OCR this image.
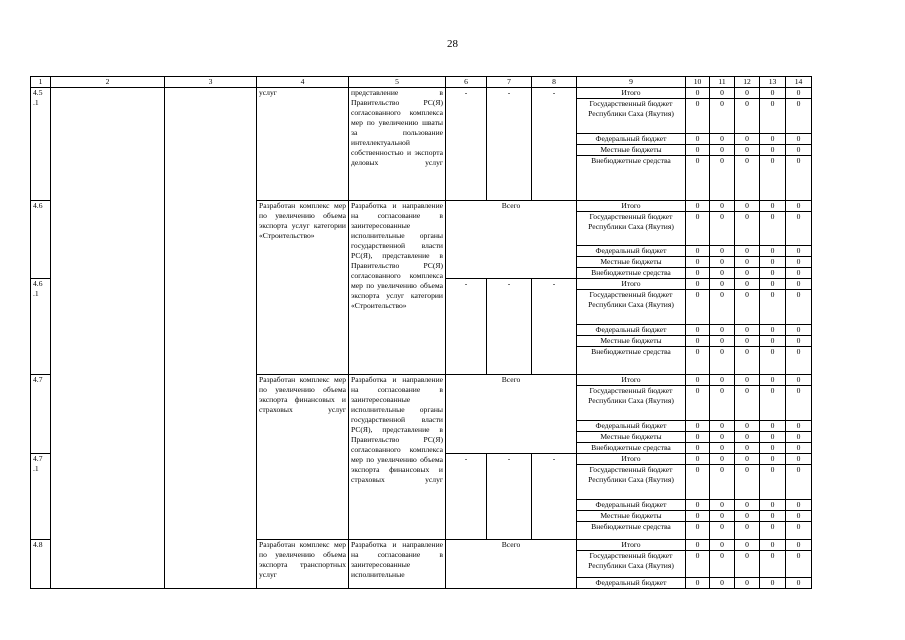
28
1	2	3	4	5	6	7	8	9	10	11	12	13	14
4.5 .1			услуг	представление в Правительство РС(Я) согласованного комплекса мер по увеличению шваты за пользование интеллектуальной собственностью и экспорта деловых услуг	-	-	-	Итого	0	0	0	0	0
								Государственный бюджет Республики Саха (Якутия)	0	0	0	0	0
								Федеральный бюджет	0	0	0	0	0
								Местные бюджеты	0	0	0	0	0
								Внебюджетные средства	0	0	0	0	0
4.6			Разработан комплекс мер по увеличению объема экспорта услуг категории «Строительство»	Разработка и направление на согласование в заинтересованные исполнительные органы государственной власти РС(Я), представление в Правительство РС(Я) согласованного комплекса мер по увеличению объема экспорта услуг категории «Строительство»	Всего			Итого	0	0	0	0	0
								Государственный бюджет Республики Саха (Якутия)	0	0	0	0	0
								Федеральный бюджет	0	0	0	0	0
								Местные бюджеты	0	0	0	0	0
								Внебюджетные средства	0	0	0	0	0
4.6 .1					-	-	-	Итого	0	0	0	0	0
								Государственный бюджет Республики Саха (Якутия)	0	0	0	0	0
								Федеральный бюджет	0	0	0	0	0
								Местные бюджеты	0	0	0	0	0
								Внебюджетные средства	0	0	0	0	0
4.7			Разработан комплекс мер по увеличению объема экспорта финансовых и страховых услуг	Разработка и направление на согласование в заинтересованные исполнительные органы государственной власти РС(Я), представление в Правительство РС(Я) согласованного комплекса мер по увеличению объема экспорта финансовых и страховых услуг	Всего			Итого	0	0	0	0	0
								Государственный бюджет Республики Саха (Якутия)	0	0	0	0	0
								Федеральный бюджет	0	0	0	0	0
								Местные бюджеты	0	0	0	0	0
								Внебюджетные средства	0	0	0	0	0
4.7 .1					-	-	-	Итого	0	0	0	0	0
								Государственный бюджет Республики Саха (Якутия)	0	0	0	0	0
								Федеральный бюджет	0	0	0	0	0
								Местные бюджеты	0	0	0	0	0
								Внебюджетные средства	0	0	0	0	0
4.8			Разработан комплекс мер по увеличению объема экспорта транспортных услуг	Разработка и направление на согласование в заинтересованные исполнительные	Всего			Итого	0	0	0	0	0
								Государственный бюджет Республики Саха (Якутия)	0	0	0	0	0
								Федеральный бюджет	0	0	0	0	0
